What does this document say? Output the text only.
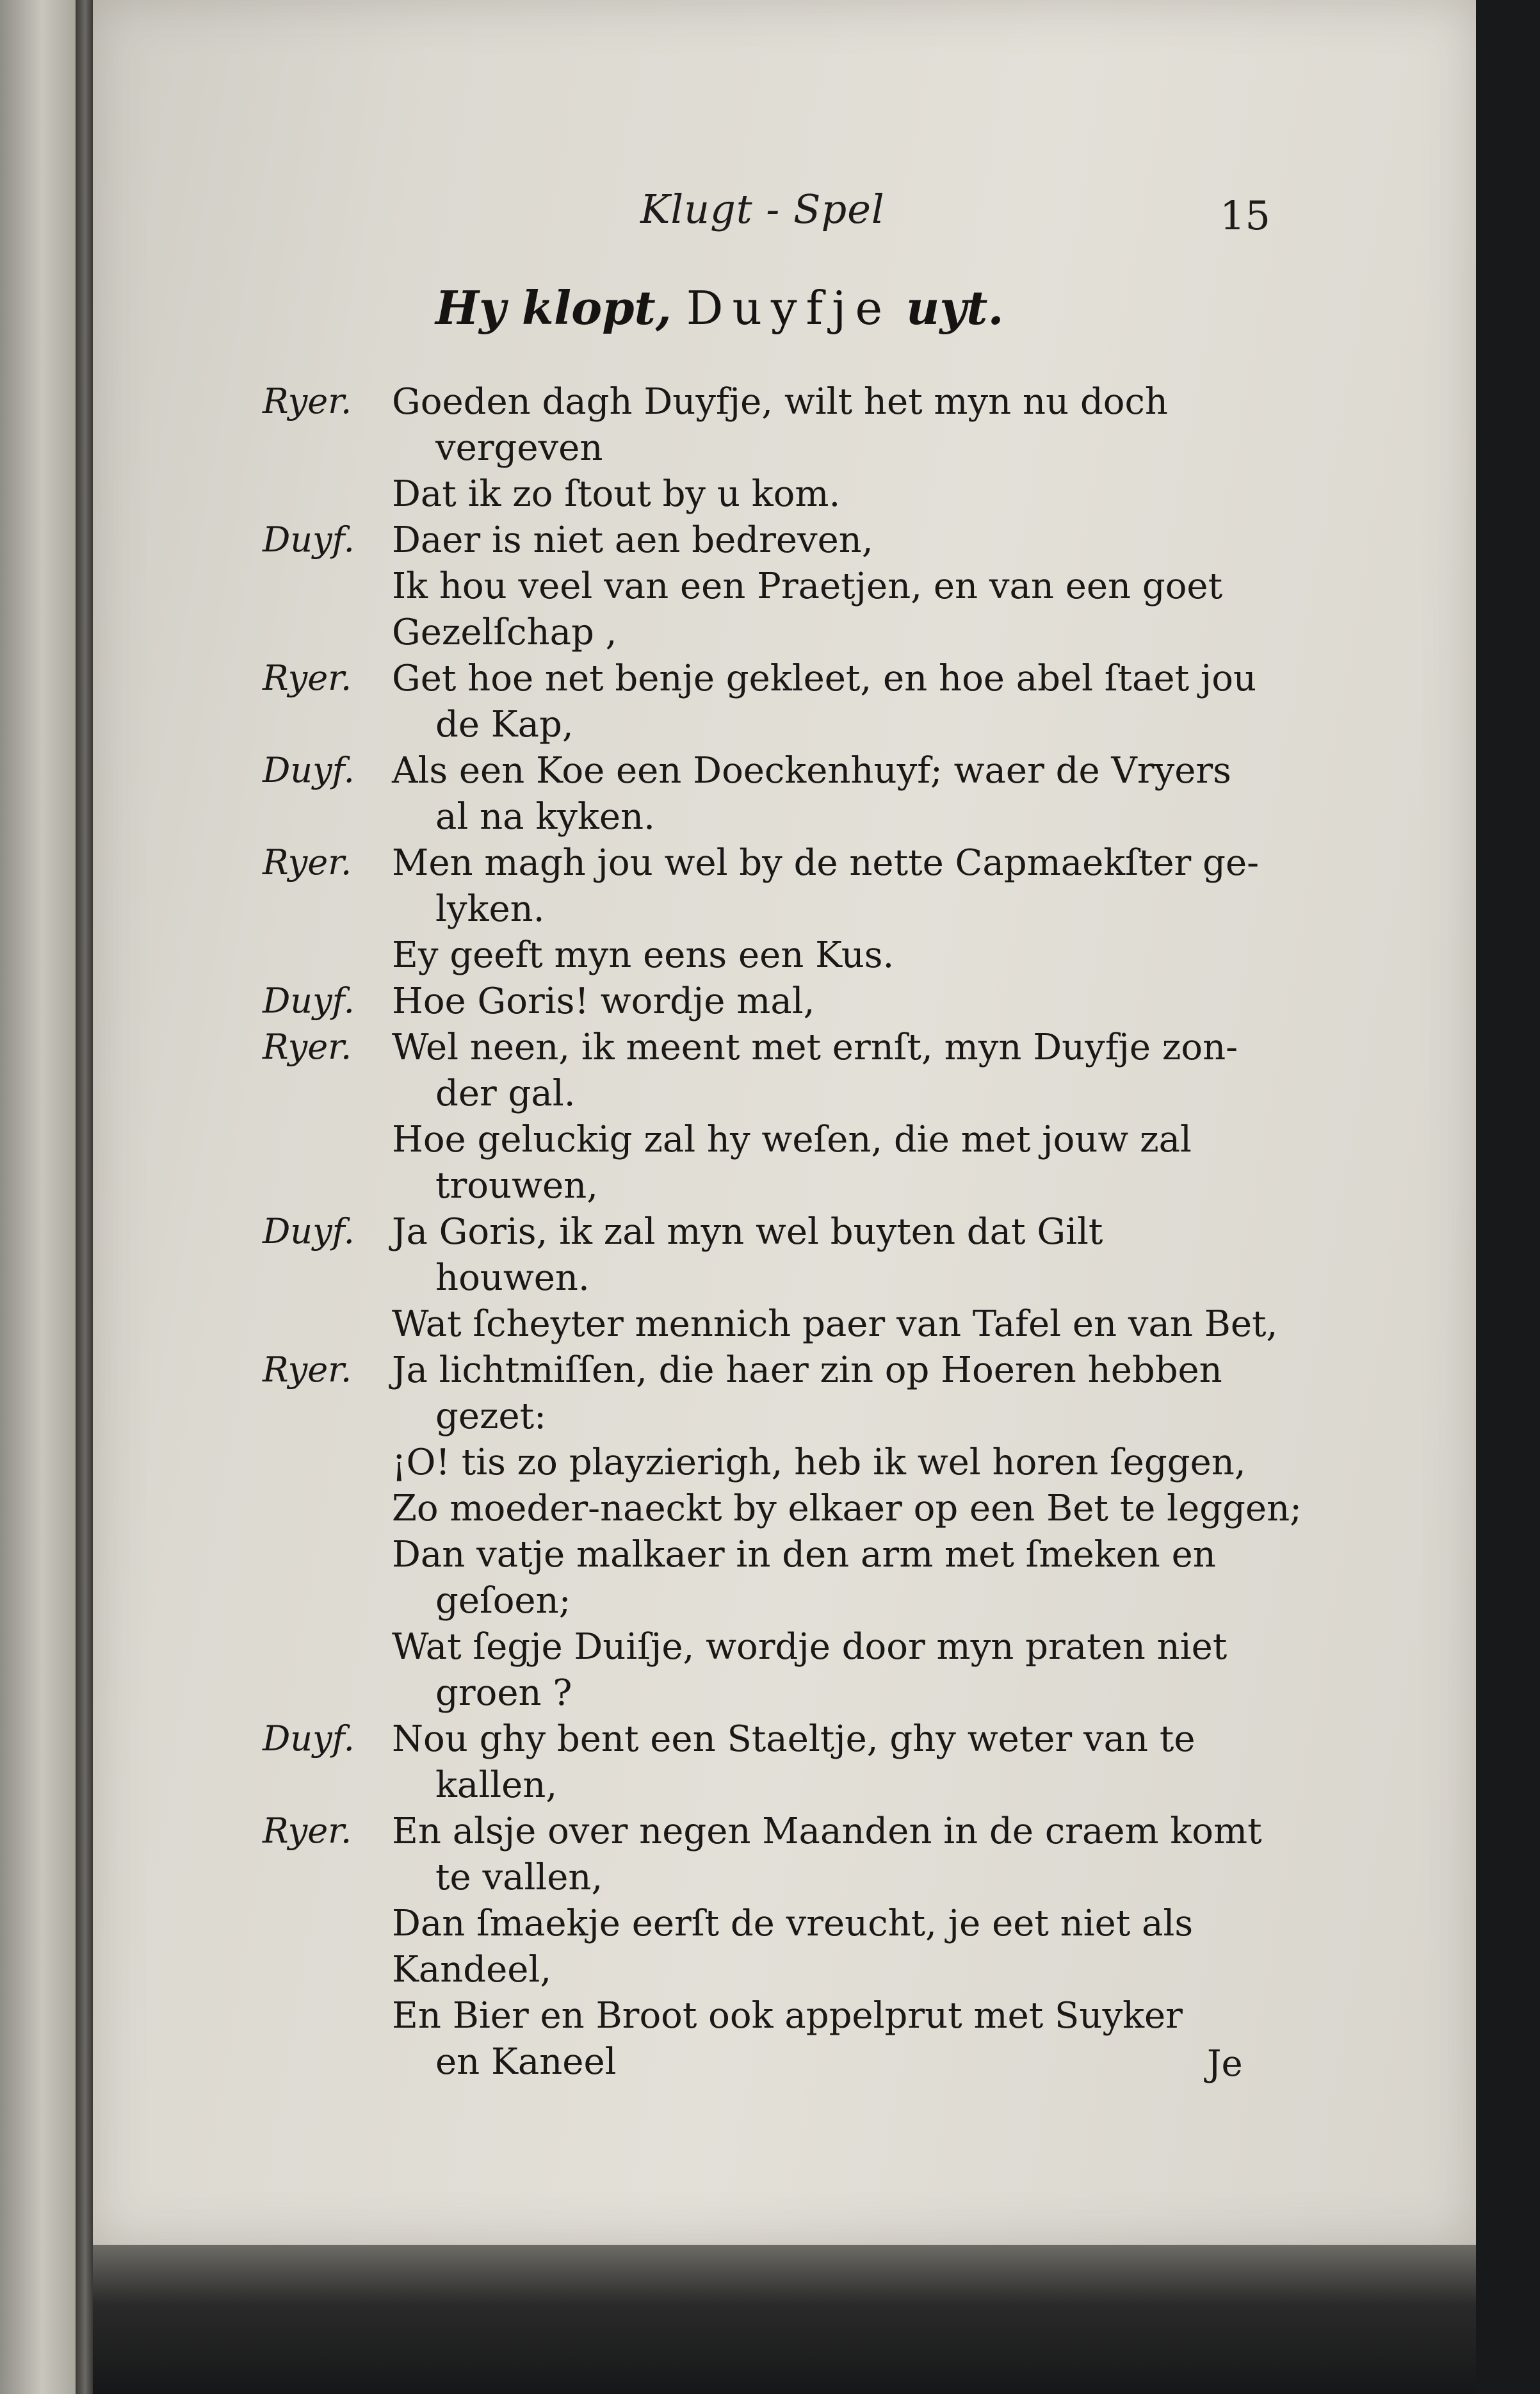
Klugt - Spel	15
Hy klopt, Duyfje uyt.
Ryer. Goeden dagh Duyfje, wilt het myn nu doch
vergeven
Dat ik zo ſtout by u kom.
Duyf. Daer is niet aen bedreven,
Ik hou veel van een Praetjen, en van een goet
Gezelſchap ,
Ryer. Get hoe net benje gekleet, en hoe abel ſtaet jou
de Kap,
Duyf. Als een Koe een Doeckenhuyf; waer de Vryers
al na kyken.
Ryer. Men magh jou wel by de nette Capmaekſter ge-
lyken.
Ey geeft myn eens een Kus.
Duyf. Hoe Goris! wordje mal,
Ryer. Wel neen, ik meent met ernſt, myn Duyfje zon-
der gal.
Hoe geluckig zal hy weſen, die met jouw zal
trouwen,
Duyf. Ja Goris, ik zal myn wel buyten dat Gilt
houwen.
Wat ſcheyter mennich paer van Tafel en van Bet,
Ryer. Ja lichtmiſſen, die haer zin op Hoeren hebben
gezet:
¡O! tis zo playzierigh, heb ik wel horen ſeggen,
Zo moeder-naeckt by elkaer op een Bet te leggen;
Dan vatje malkaer in den arm met ſmeken en
geſoen;
Wat ſegje Duiſje, wordje door myn praten niet
groen ?
Duyf. Nou ghy bent een Staeltje, ghy weter van te
kallen,
Ryer. En alsje over negen Maanden in de craem komt
te vallen,
Dan ſmaekje eerſt de vreucht, je eet niet als
Kandeel,
En Bier en Broot ook appelprut met Suyker
en Kaneel	Je
